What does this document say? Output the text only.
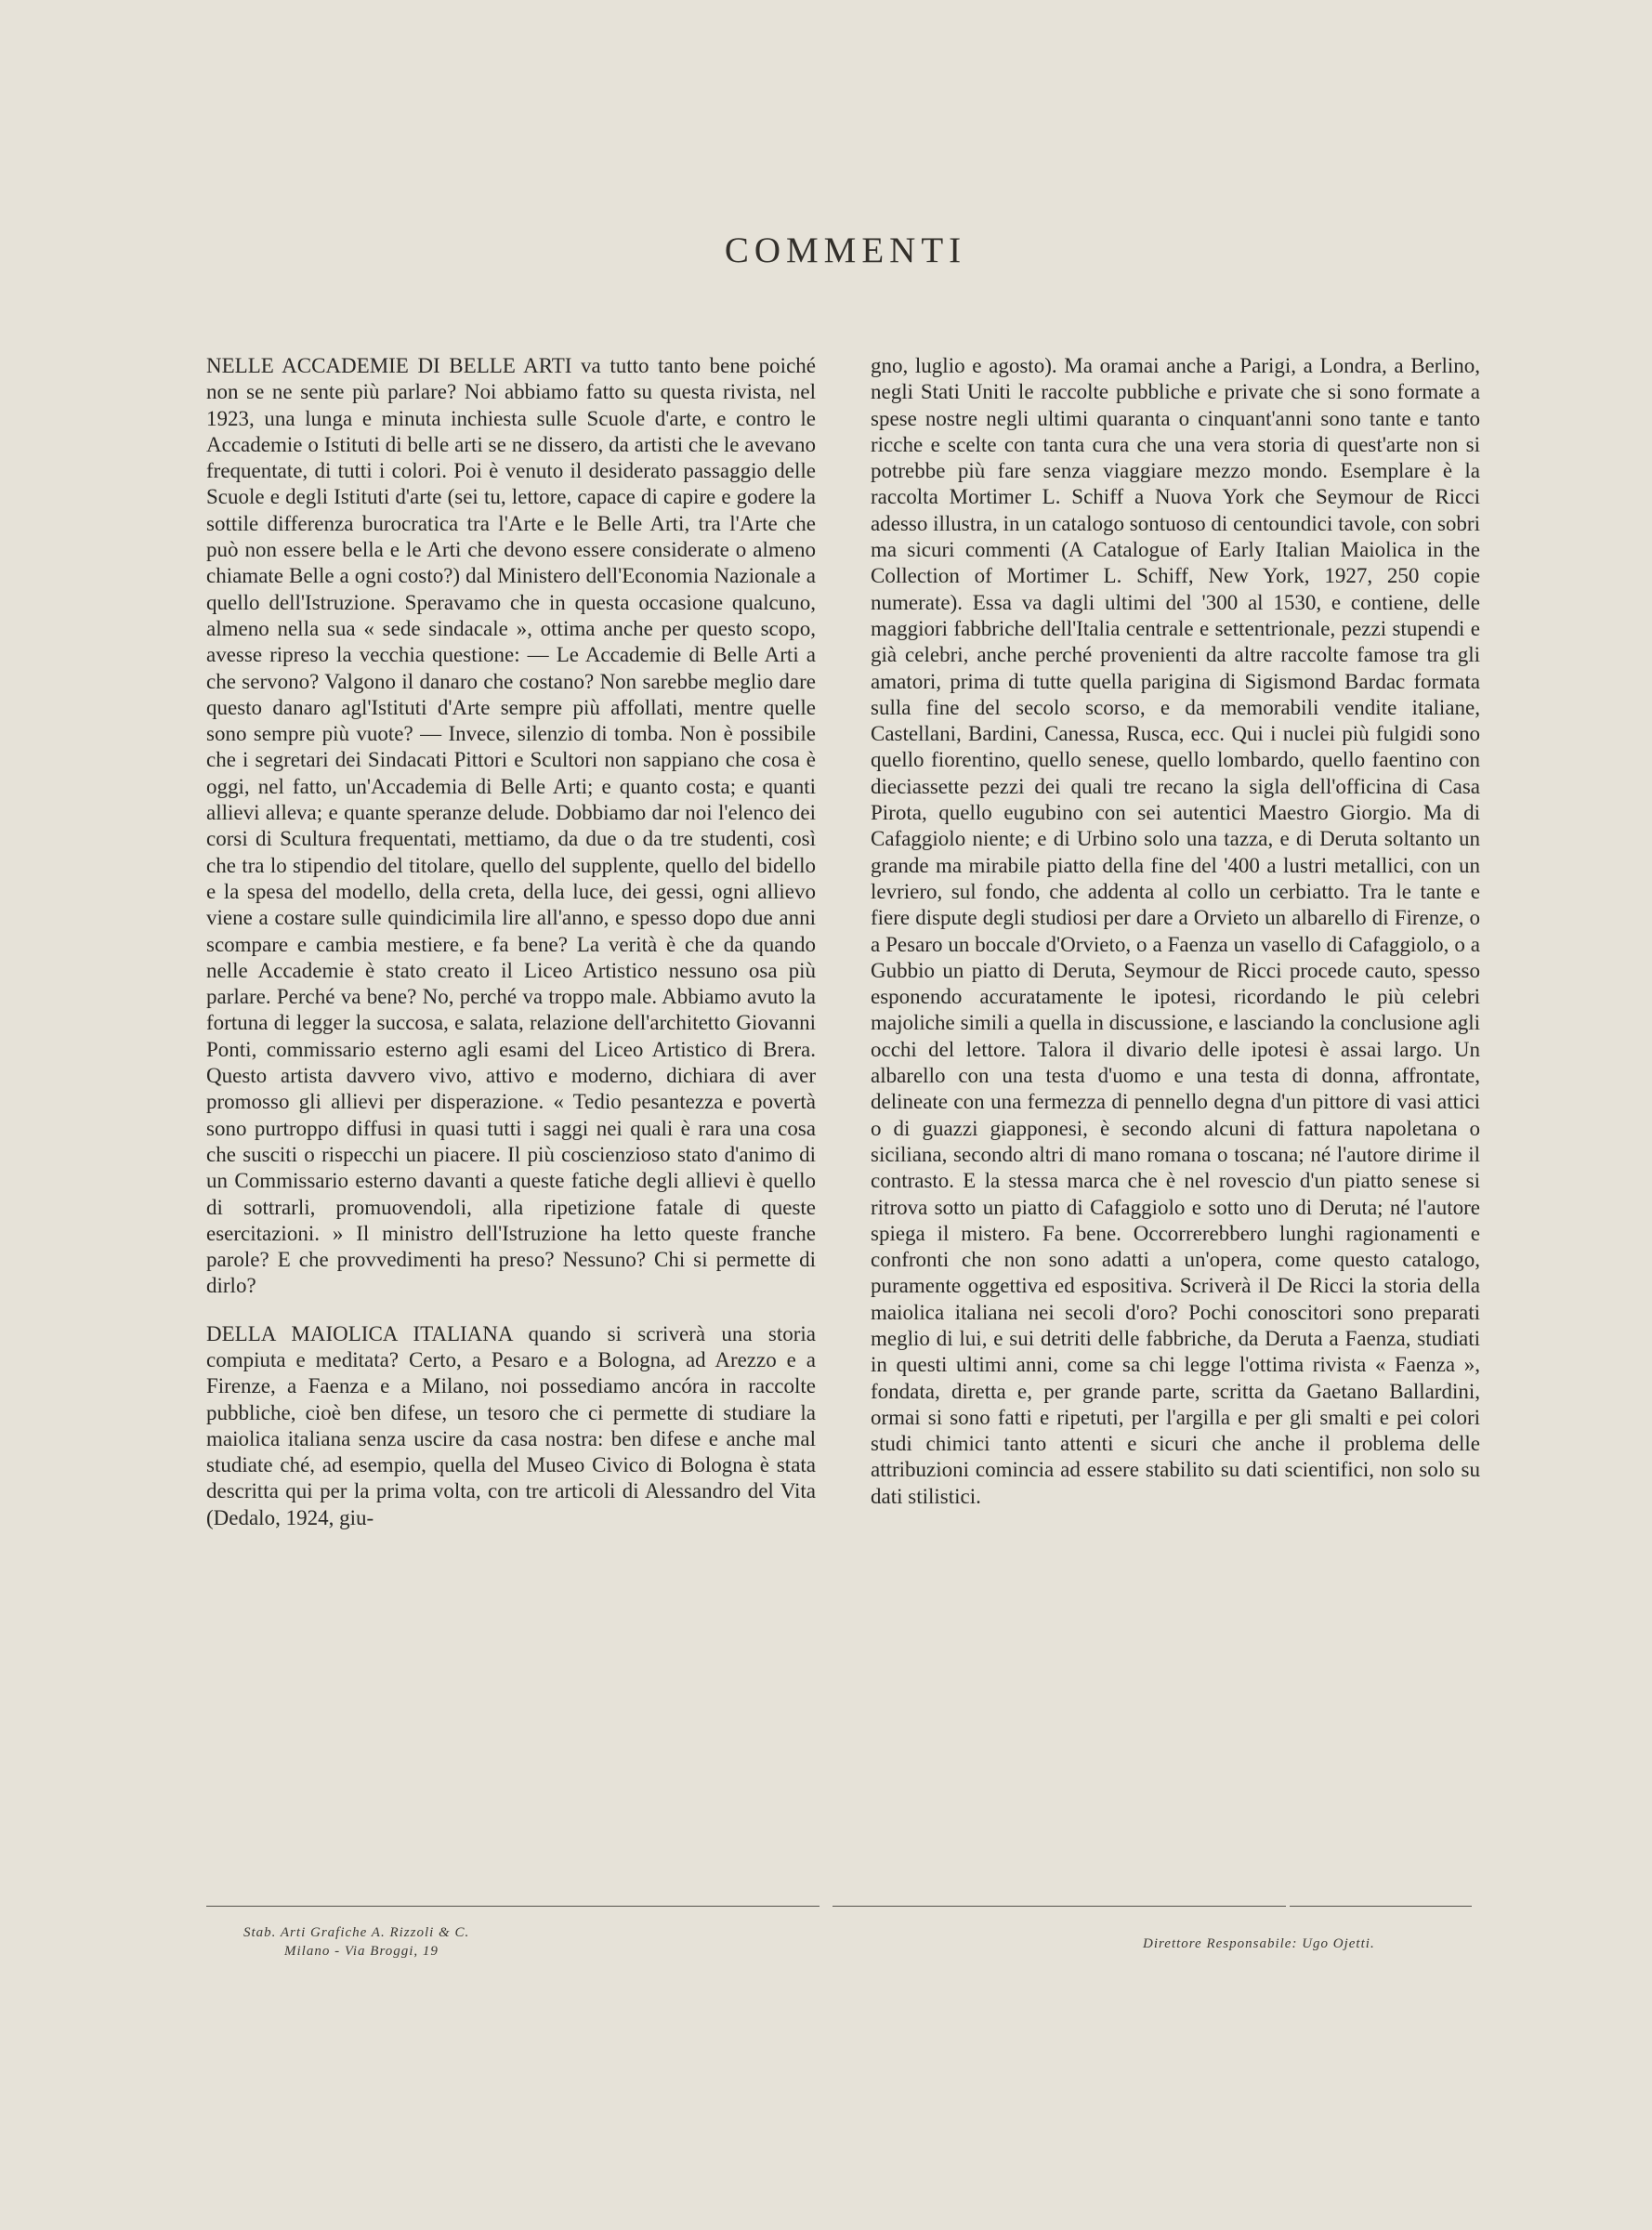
COMMENTI

NELLE ACCADEMIE DI BELLE ARTI va tutto tanto bene poiché non se ne sente più parlare? Noi abbiamo fatto su questa rivista, nel 1923, una lunga e minuta inchiesta sulle Scuole d'arte, e contro le Accademie o Istituti di belle arti se ne dissero, da artisti che le avevano frequentate, di tutti i colori. Poi è venuto il desiderato passaggio delle Scuole e degli Istituti d'arte (sei tu, lettore, capace di capire e godere la sottile differenza burocratica tra l'Arte e le Belle Arti, tra l'Arte che può non essere bella e le Arti che devono essere considerate o almeno chiamate Belle a ogni costo?) dal Ministero dell'Economia Nazionale a quello dell'Istruzione. Speravamo che in questa occasione qualcuno, almeno nella sua « sede sindacale », ottima anche per questo scopo, avesse ripreso la vecchia questione: — Le Accademie di Belle Arti a che servono? Valgono il danaro che costano? Non sarebbe meglio dare questo danaro agl'Istituti d'Arte sempre più affollati, mentre quelle sono sempre più vuote? — Invece, silenzio di tomba. Non è possibile che i segretari dei Sindacati Pittori e Scultori non sappiano che cosa è oggi, nel fatto, un'Accademia di Belle Arti; e quanto costa; e quanti allievi alleva; e quante speranze delude. Dobbiamo dar noi l'elenco dei corsi di Scultura frequentati, mettiamo, da due o da tre studenti, così che tra lo stipendio del titolare, quello del supplente, quello del bidello e la spesa del modello, della creta, della luce, dei gessi, ogni allievo viene a costare sulle quindicimila lire all'anno, e spesso dopo due anni scompare e cambia mestiere, e fa bene? La verità è che da quando nelle Accademie è stato creato il Liceo Artistico nessuno osa più parlare. Perché va bene? No, perché va troppo male. Abbiamo avuto la fortuna di legger la succosa, e salata, relazione dell'architetto Giovanni Ponti, commissario esterno agli esami del Liceo Artistico di Brera. Questo artista davvero vivo, attivo e moderno, dichiara di aver promosso gli allievi per disperazione. « Tedio pesantezza e povertà sono purtroppo diffusi in quasi tutti i saggi nei quali è rara una cosa che susciti o rispecchi un piacere. Il più coscienzioso stato d'animo di un Commissario esterno davanti a queste fatiche degli allievi è quello di sottrarli, promuovendoli, alla ripetizione fatale di queste esercitazioni. » Il ministro dell'Istruzione ha letto queste franche parole? E che provvedimenti ha preso? Nessuno? Chi si permette di dirlo?

DELLA MAIOLICA ITALIANA quando si scriverà una storia compiuta e meditata? Certo, a Pesaro e a Bologna, ad Arezzo e a Firenze, a Faenza e a Milano, noi possediamo ancóra in raccolte pubbliche, cioè ben difese, un tesoro che ci permette di studiare la maiolica italiana senza uscire da casa nostra: ben difese e anche mal studiate ché, ad esempio, quella del Museo Civico di Bologna è stata descritta qui per la prima volta, con tre articoli di Alessandro del Vita (Dedalo, 1924, giu-

gno, luglio e agosto). Ma oramai anche a Parigi, a Londra, a Berlino, negli Stati Uniti le raccolte pubbliche e private che si sono formate a spese nostre negli ultimi quaranta o cinquant'anni sono tante e tanto ricche e scelte con tanta cura che una vera storia di quest'arte non si potrebbe più fare senza viaggiare mezzo mondo. Esemplare è la raccolta Mortimer L. Schiff a Nuova York che Seymour de Ricci adesso illustra, in un catalogo sontuoso di centoundici tavole, con sobri ma sicuri commenti (A Catalogue of Early Italian Maiolica in the Collection of Mortimer L. Schiff, New York, 1927, 250 copie numerate). Essa va dagli ultimi del '300 al 1530, e contiene, delle maggiori fabbriche dell'Italia centrale e settentrionale, pezzi stupendi e già celebri, anche perché provenienti da altre raccolte famose tra gli amatori, prima di tutte quella parigina di Sigismond Bardac formata sulla fine del secolo scorso, e da memorabili vendite italiane, Castellani, Bardini, Canessa, Rusca, ecc. Qui i nuclei più fulgidi sono quello fiorentino, quello senese, quello lombardo, quello faentino con dieciassette pezzi dei quali tre recano la sigla dell'officina di Casa Pirota, quello eugubino con sei autentici Maestro Giorgio. Ma di Cafaggiolo niente; e di Urbino solo una tazza, e di Deruta soltanto un grande ma mirabile piatto della fine del '400 a lustri metallici, con un levriero, sul fondo, che addenta al collo un cerbiatto. Tra le tante e fiere dispute degli studiosi per dare a Orvieto un albarello di Firenze, o a Pesaro un boccale d'Orvieto, o a Faenza un vasello di Cafaggiolo, o a Gubbio un piatto di Deruta, Seymour de Ricci procede cauto, spesso esponendo accuratamente le ipotesi, ricordando le più celebri majoliche simili a quella in discussione, e lasciando la conclusione agli occhi del lettore. Talora il divario delle ipotesi è assai largo. Un albarello con una testa d'uomo e una testa di donna, affrontate, delineate con una fermezza di pennello degna d'un pittore di vasi attici o di guazzi giapponesi, è secondo alcuni di fattura napoletana o siciliana, secondo altri di mano romana o toscana; né l'autore dirime il contrasto. E la stessa marca che è nel rovescio d'un piatto senese si ritrova sotto un piatto di Cafaggiolo e sotto uno di Deruta; né l'autore spiega il mistero. Fa bene. Occorrerebbero lunghi ragionamenti e confronti che non sono adatti a un'opera, come questo catalogo, puramente oggettiva ed espositiva. Scriverà il De Ricci la storia della maiolica italiana nei secoli d'oro? Pochi conoscitori sono preparati meglio di lui, e sui detriti delle fabbriche, da Deruta a Faenza, studiati in questi ultimi anni, come sa chi legge l'ottima rivista « Faenza », fondata, diretta e, per grande parte, scritta da Gaetano Ballardini, ormai si sono fatti e ripetuti, per l'argilla e per gli smalti e pei colori studi chimici tanto attenti e sicuri che anche il problema delle attribuzioni comincia ad essere stabilito su dati scientifici, non solo su dati stilistici.

Stab. Arti Grafiche A. Rizzoli & C.
Milano - Via Broggi, 19	Direttore Responsabile: Ugo Ojetti.
